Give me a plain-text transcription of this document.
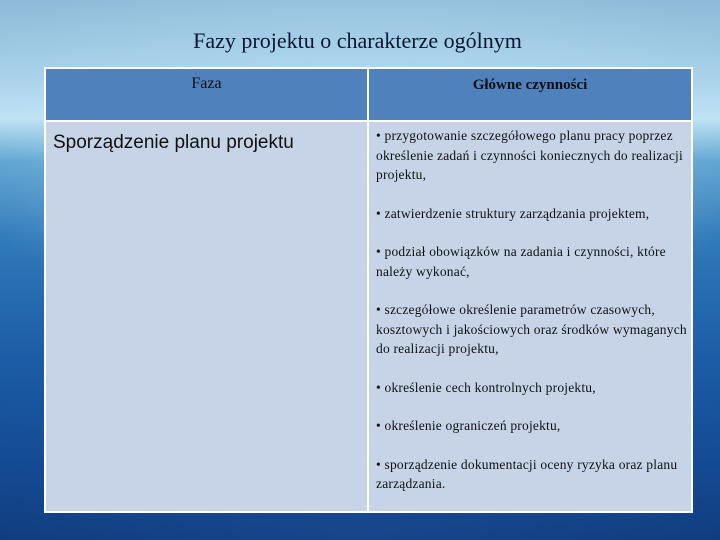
Fazy projektu o charakterze ogólnym
Faza	Główne czynności
Sporządzenie planu projektu	• przygotowanie szczegółowego planu pracy poprzez określenie zadań i czynności koniecznych do realizacji projektu,

• zatwierdzenie struktury zarządzania projektem,

• podział obowiązków na zadania i czynności, które należy wykonać,

• szczegółowe określenie parametrów czasowych, kosztowych i jakościowych oraz środków wymaganych do realizacji projektu,

• określenie cech kontrolnych projektu,

• określenie ograniczeń projektu,

• sporządzenie dokumentacji oceny ryzyka oraz planu zarządzania.
